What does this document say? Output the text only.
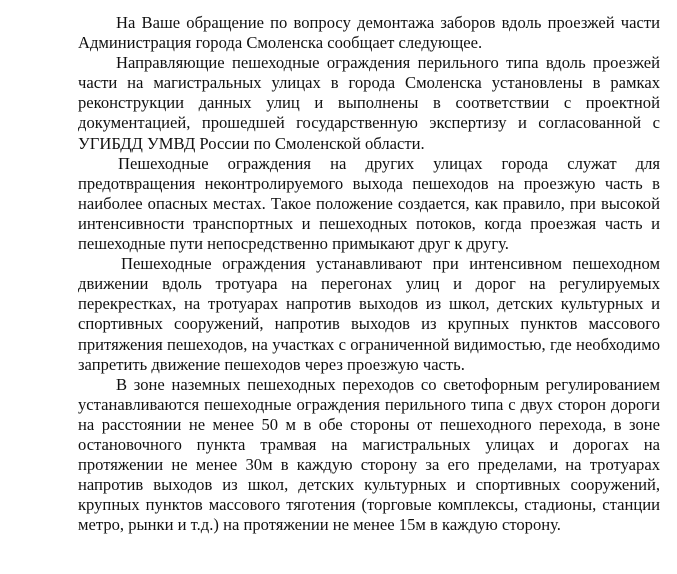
На Ваше обращение по вопросу демонтажа заборов вдоль проезжей части Администрация города Смоленска сообщает следующее.

Направляющие пешеходные ограждения перильного типа вдоль проезжей части на магистральных улицах в города Смоленска установлены в рамках реконструкции данных улиц и выполнены в соответствии с проектной документацией, прошедшей государственную экспертизу и согласованной с УГИБДД УМВД России по Смоленской области.

Пешеходные ограждения на других улицах города служат для предотвращения неконтролируемого выхода пешеходов на проезжую часть в наиболее опасных местах. Такое положение создается, как правило, при высокой интенсивности транспортных и пешеходных потоков, когда проезжая часть и пешеходные пути непосредственно примыкают друг к другу.

Пешеходные ограждения устанавливают при интенсивном пешеходном движении вдоль тротуара на перегонах улиц и дорог на регулируемых перекрестках, на тротуарах напротив выходов из школ, детских культурных и спортивных сооружений, напротив выходов из крупных пунктов массового притяжения пешеходов, на участках с ограниченной видимостью, где необходимо запретить движение пешеходов через проезжую часть.

В зоне наземных пешеходных переходов со светофорным регулированием устанавливаются пешеходные ограждения перильного типа с двух сторон дороги на расстоянии не менее 50 м в обе стороны от пешеходного перехода, в зоне остановочного пункта трамвая на магистральных улицах и дорогах на протяжении не менее 30м в каждую сторону за его пределами, на тротуарах напротив выходов из школ, детских культурных и спортивных сооружений, крупных пунктов массового тяготения (торговые комплексы, стадионы, станции метро, рынки и т.д.) на протяжении не менее 15м в каждую сторону.
